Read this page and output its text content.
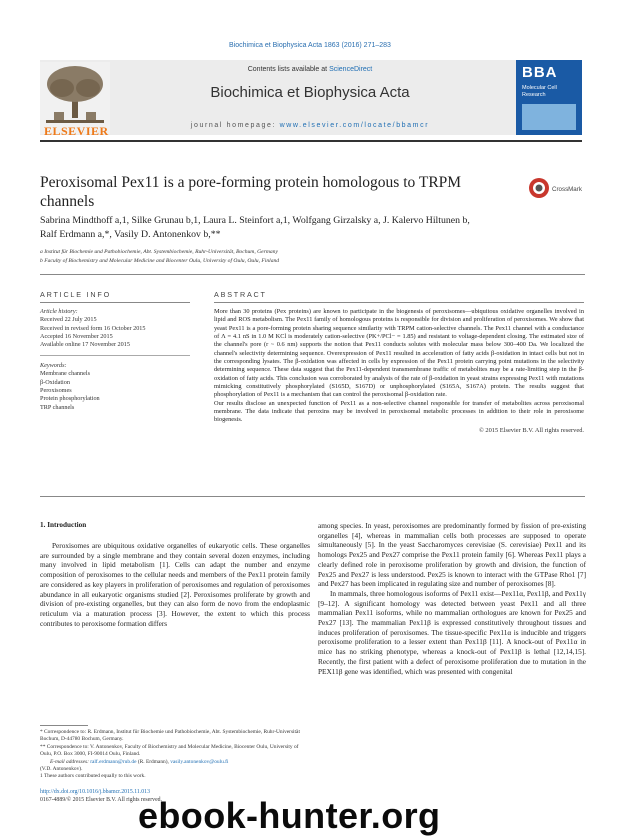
Biochimica et Biophysica Acta 1863 (2016) 271–283
ELSEVIER
Contents lists available at ScienceDirect
Biochimica et Biophysica Acta
journal homepage: www.elsevier.com/locate/bbamcr
BBA
Molecular Cell Research
Peroxisomal Pex11 is a pore-forming protein homologous to TRPM channels
CrossMark
Sabrina Mindthoff a,1, Silke Grunau b,1, Laura L. Steinfort a,1, Wolfgang Girzalsky a, J. Kalervo Hiltunen b,
Ralf Erdmann a,*, Vasily D. Antonenkov b,**
a Institut für Biochemie und Pathobiochemie, Abt. Systembiochemie, Ruhr-Universität, Bochum, Germany
b Faculty of Biochemistry and Molecular Medicine and Biocenter Oulu, University of Oulu, Oulu, Finland
ARTICLE INFO	ABSTRACT
Article history:
Received 22 July 2015
Received in revised form 16 October 2015
Accepted 16 November 2015
Available online 17 November 2015
Keywords:
Membrane channels
β-Oxidation
Peroxisomes
Protein phosphorylation
TRP channels
More than 30 proteins (Pex proteins) are known to participate in the biogenesis of peroxisomes—ubiquitous oxidative organelles involved in lipid and ROS metabolism. The Pex11 family of homologous proteins is responsible for division and proliferation of peroxisomes. We show that yeast Pex11 is a pore-forming protein sharing sequence similarity with TRPM cation-selective channels. The Pex11 channel with a conductance of Λ = 4.1 nS in 1.0 M KCl is moderately cation-selective (PK+/PCl− = 1.85) and resistant to voltage-dependent closing. The estimated size of the channel's pore (r ~ 0.6 nm) supports the notion that Pex11 conducts solutes with molecular mass below 300–400 Da. We localized the channel's selectivity determining sequence. Overexpression of Pex11 resulted in acceleration of fatty acids β-oxidation in intact cells but not in the corresponding lysates. The β-oxidation was affected in cells by expression of the Pex11 protein carrying point mutations in the selectivity determining sequence. These data suggest that the Pex11-dependent transmembrane traffic of metabolites may be a rate-limiting step in the β-oxidation of fatty acids. This conclusion was corroborated by analysis of the rate of β-oxidation in yeast strains expressing Pex11 with mutations mimicking constitutively phosphorylated (S165D, S167D) or unphosphorylated (S165A, S167A) protein. The results suggest that phosphorylation of Pex11 is a mechanism that can control the peroxisomal β-oxidation rate.
Our results disclose an unexpected function of Pex11 as a non-selective channel responsible for transfer of metabolites across peroxisomal membrane. The data indicate that peroxins may be involved in peroxisomal metabolic processes in addition to their role in peroxisome biogenesis.
© 2015 Elsevier B.V. All rights reserved.
1. Introduction

Peroxisomes are ubiquitous oxidative organelles of eukaryotic cells. These organelles are surrounded by a single membrane and they contain several dozen enzymes, including many involved in lipid metabolism [1]. Cells can adapt the number and enzyme composition of peroxisomes to the cellular needs and members of the Pex11 protein family are considered as key players in proliferation of peroxisomes and regulation of peroxisomes abundance in all eukaryotic organisms studied [2]. Peroxisomes proliferate by growth and division of pre-existing organelles, but they can also form de novo from the endoplasmic reticulum via a maturation process [3]. However, the extent to which this process contributes to peroxisome formation differs

among species. In yeast, peroxisomes are predominantly formed by fission of pre-existing organelles [4], whereas in mammalian cells both processes are supposed to operate simultaneously [5]. In the yeast Saccharomyces cerevisiae (S. cerevisiae) Pex11 and its homologs Pex25 and Pex27 comprise the Pex11 protein family [6]. Whereas Pex11 plays a clearly defined role in peroxisome proliferation by growth and division, the function of Pex25 and Pex27 is less understood. Pex25 is known to interact with the GTPase Rho1 [7] and Pex27 has been implicated in regulating size and number of peroxisomes [8].

In mammals, three homologous isoforms of Pex11 exist—Pex11α, Pex11β, and Pex11γ [9–12]. A significant homology was detected between yeast Pex11 and all three mammalian Pex11 isoforms, while no mammalian orthologues are known for Pex25 and Pex27 [13]. The mammalian Pex11β is expressed constitutively throughout tissues and induces proliferation of peroxisomes. The tissue-specific Pex11α is inducible and triggers peroxisome proliferation to a lesser extent than Pex11β [11]. A knock-out of Pex11α in mice has no striking phenotype, whereas a knock-out of Pex11β is lethal [12,14,15]. Recently, the first patient with a defect of peroxisome proliferation due to mutation in the PEX11β gene was identified, which was presented with congenital

* Correspondence to: R. Erdmann, Institut für Biochemie und Pathobiochemie, Abt. Systembiochemie, Ruhr-Universität Bochum, D-44780 Bochum, Germany.
** Correspondence to: V. Antonenkov, Faculty of Biochemistry and Molecular Medicine, Biocenter Oulu, University of Oulu, P.O. Box 3000, FI-90014 Oulu, Finland.
E-mail addresses: ralf.erdmann@rub.de (R. Erdmann), vasily.antonenkov@oulu.fi
(V.D. Antonenkov).
1 These authors contributed equally to this work.
http://dx.doi.org/10.1016/j.bbamcr.2015.11.013
0167-4889/© 2015 Elsevier B.V. All rights reserved.
ebook-hunter.org
